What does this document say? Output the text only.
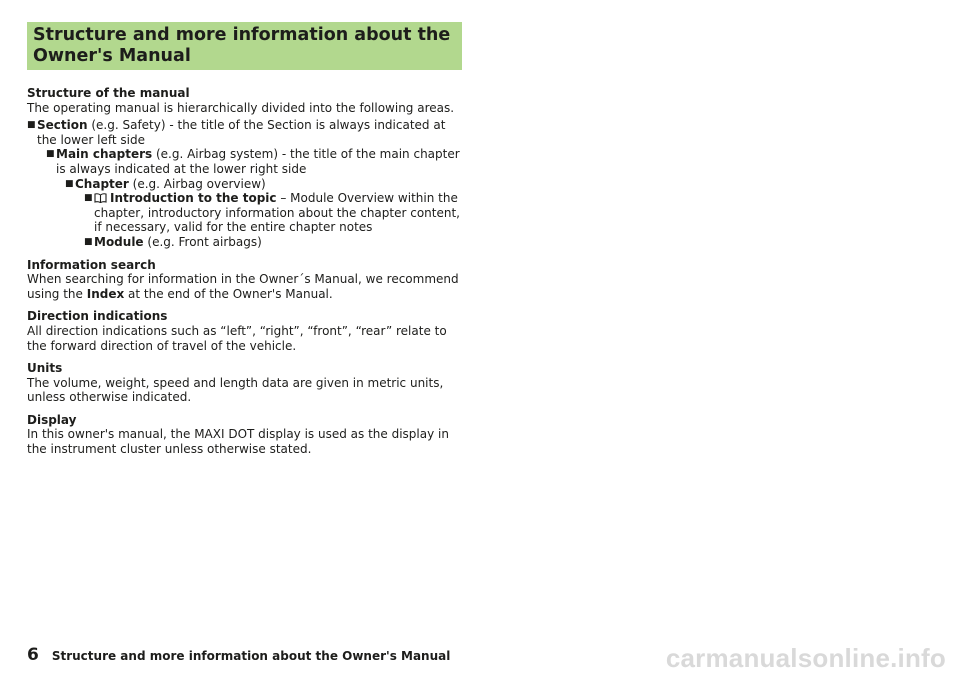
Structure and more information about the Owner's Manual
Structure of the manual

The operating manual is hierarchically divided into the following areas.

■ Section (e.g. Safety) - the title of the Section is always indicated at the lower left side
■ Main chapters (e.g. Airbag system) - the title of the main chapter is always indicated at the lower right side
■ Chapter (e.g. Airbag overview)
■ Introduction to the topic – Module Overview within the chapter, introductory information about the chapter content, if necessary, valid for the entire chapter notes
■ Module (e.g. Front airbags)
Information search

When searching for information in the Owner´s Manual, we recommend using the Index at the end of the Owner's Manual.

Direction indications

All direction indications such as “left”, “right”, “front”, “rear” relate to the forward direction of travel of the vehicle.

Units

The volume, weight, speed and length data are given in metric units, unless otherwise indicated.

Display

In this owner's manual, the MAXI DOT display is used as the display in the instrument cluster unless otherwise stated.

6 Structure and more information about the Owner's Manual	carmanualsonline.info
